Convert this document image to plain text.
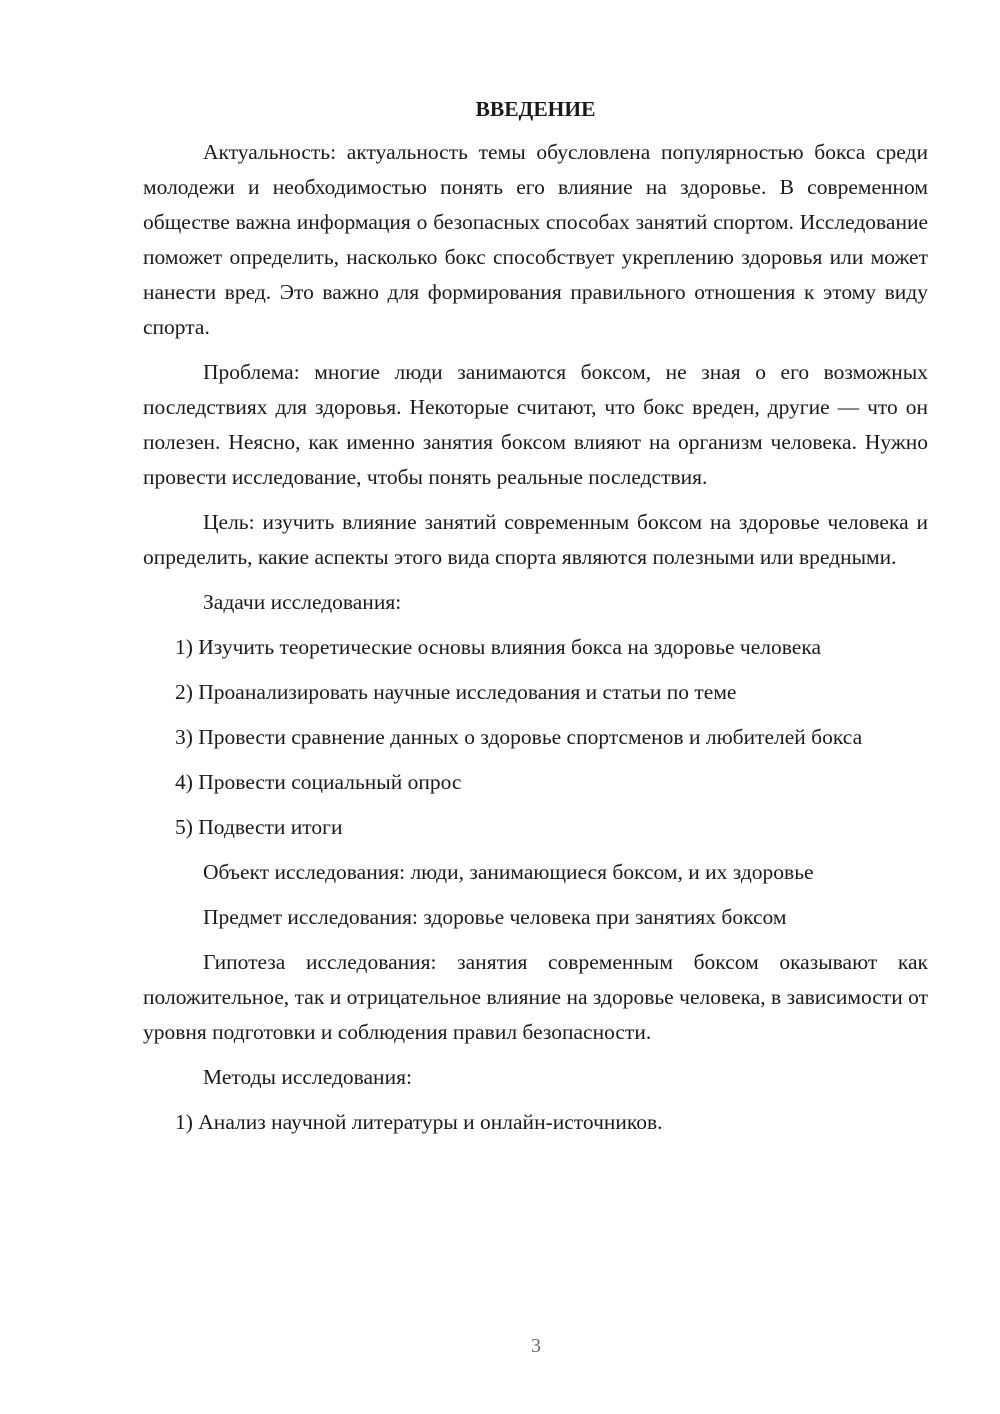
ВВЕДЕНИЕ

Актуальность: актуальность темы обусловлена популярностью бокса среди молодежи и необходимостью понять его влияние на здоровье. В современном обществе важна информация о безопасных способах занятий спортом. Исследование поможет определить, насколько бокс способствует укреплению здоровья или может нанести вред. Это важно для формирования правильного отношения к этому виду спорта.

Проблема: многие люди занимаются боксом, не зная о его возможных последствиях для здоровья. Некоторые считают, что бокс вреден, другие — что он полезен. Неясно, как именно занятия боксом влияют на организм человека. Нужно провести исследование, чтобы понять реальные последствия.

Цель: изучить влияние занятий современным боксом на здоровье человека и определить, какие аспекты этого вида спорта являются полезными или вредными.

Задачи исследования:

1) Изучить теоретические основы влияния бокса на здоровье человека

2) Проанализировать научные исследования и статьи по теме

3) Провести сравнение данных о здоровье спортсменов и любителей бокса

4) Провести социальный опрос

5) Подвести итоги

Объект исследования: люди, занимающиеся боксом, и их здоровье

Предмет исследования: здоровье человека при занятиях боксом

Гипотеза исследования: занятия современным боксом оказывают как положительное, так и отрицательное влияние на здоровье человека, в зависимости от уровня подготовки и соблюдения правил безопасности.

Методы исследования:

1) Анализ научной литературы и онлайн-источников.

3
